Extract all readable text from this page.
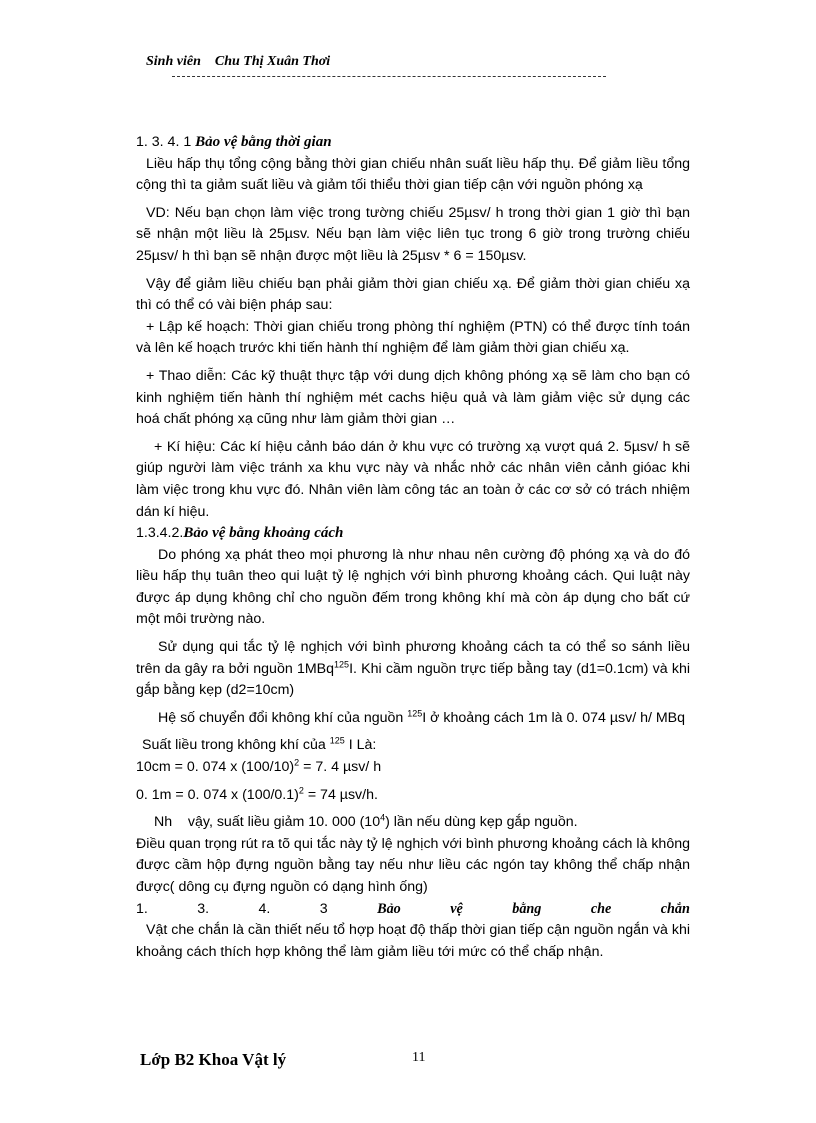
Sinh viên Chu Thị Xuân Thơi

1. 3. 4. 1 Bảo vệ bằng thời gian

Liều hấp thụ tổng cộng bằng thời gian chiếu nhân suất liều hấp thụ. Để giảm liều tổng cộng thì ta giảm suất liều và giảm tối thiểu thời gian tiếp cận với nguồn phóng xạ

VD: Nếu bạn chọn làm việc trong tường chiếu 25µsv/ h trong thời gian 1 giờ thì bạn sẽ nhận một liều là 25µsv. Nếu bạn làm việc liên tục trong 6 giờ trong trường chiếu 25µsv/ h thì bạn sẽ nhận được một liều là 25µsv * 6 = 150µsv.

Vậy để giảm liều chiếu bạn phải giảm thời gian chiếu xạ. Để giảm thời gian chiếu xạ thì có thể có vài biện pháp sau:

+ Lập kế hoạch: Thời gian chiếu trong phòng thí nghiệm (PTN) có thể được tính toán và lên kế hoạch trước khi tiến hành thí nghiệm để làm giảm thời gian chiếu xạ.

+ Thao diễn: Các kỹ thuật thực tập với dung dịch không phóng xạ sẽ làm cho bạn có kinh nghiệm tiến hành thí nghiệm mét cachs hiệu quả và làm giảm việc sử dụng các hoá chất phóng xạ cũng như làm giảm thời gian …

+ Kí hiệu: Các kí hiệu cảnh báo dán ở khu vực có trường xạ vượt quá 2. 5µsv/ h sẽ giúp người làm việc tránh xa khu vực này và nhắc nhở các nhân viên cảnh gióac khi làm việc trong khu vực đó. Nhân viên làm công tác an toàn ở các cơ sở có trách nhiệm dán kí hiệu.

1.3.4.2.Bảo vệ bằng khoảng cách

Do phóng xạ phát theo mọi phương là như nhau nên cường độ phóng xạ và do đó liều hấp thụ tuân theo qui luật tỷ lệ nghịch với bình phương khoảng cách. Qui luật này được áp dụng không chỉ cho nguồn đếm trong không khí mà còn áp dụng cho bất cứ một môi trường nào.

Sử dụng qui tắc tỷ lệ nghịch với bình phương khoảng cách ta có thể so sánh liều trên da gây ra bởi nguồn 1MBq$^{125}$I. Khi cầm nguồn trực tiếp bằng tay (d1=0.1cm) và khi gắp bằng kẹp (d2=10cm)

Hệ số chuyển đổi không khí của nguồn $^{125}$I ở khoảng cách 1m là 0. 074 µsv/ h/ MBq

Suất liều trong không khí của $^{125}$ I Là:

10cm = 0. 074 x $(100/10)^2 = 7$. 4 µsv/ h

0. 1m = 0. 074 x $(100/0.1)^2 = 74$ µsv/h.

Nh vậy, suất liều giảm 10. 000 $(10^4)$ lần nếu dùng kẹp gắp nguồn.

Điều quan trọng rút ra tõ qui tắc này tỷ lệ nghịch với bình phương khoảng cách là không được cầm hộp đựng nguồn bằng tay nếu như liều các ngón tay không thể chấp nhận được( dông cụ đựng nguồn có dạng hình ống)

1.	3.	4.	3	Bảo	vệ	bằng	che	chắn

Vật che chắn là cần thiết nếu tổ hợp hoạt độ thấp thời gian tiếp cận nguồn ngắn và khi khoảng cách thích hợp không thể làm giảm liều tới mức có thể chấp nhận.

Lớp B2 Khoa Vật lý	11
